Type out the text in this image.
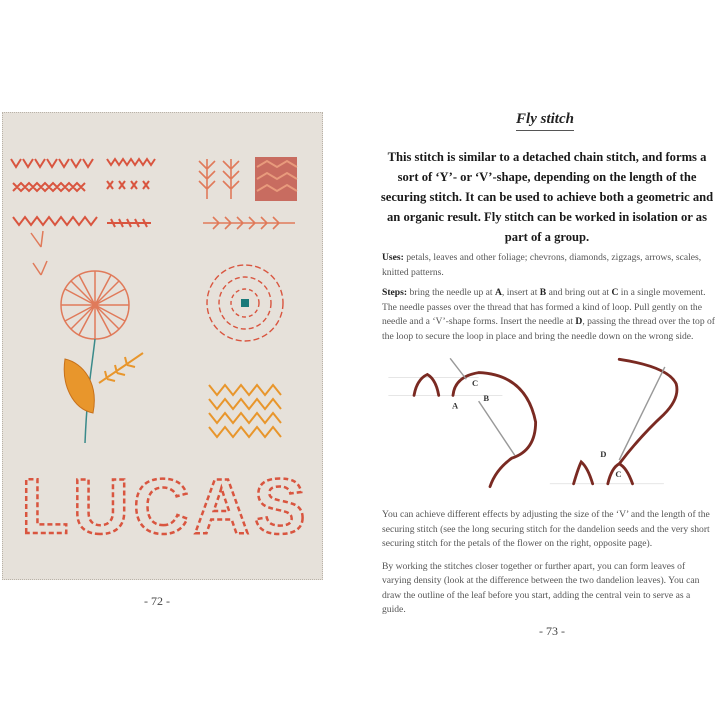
LUCAS
- 72 -
Fly stitch
This stitch is similar to a detached chain stitch, and forms a sort of ‘Y’- or ‘V’-shape, depending on the length of the securing stitch. It can be used to achieve both a geometric and an organic result. Fly stitch can be worked in isolation or as part of a group.
Uses: petals, leaves and other foliage; chevrons, diamonds, zigzags, arrows, scales, knitted patterns.
Steps: bring the needle up at A, insert at B and bring out at C in a single movement. The needle passes over the thread that has formed a kind of loop. Pull gently on the needle and a ‘V’-shape forms. Insert the needle at D, passing the thread over the top of the loop to secure the loop in place and bring the needle down on the wrong side.
A
B
C
D
C
You can achieve different effects by adjusting the size of the ‘V’ and the length of the securing stitch (see the long securing stitch for the dandelion seeds and the very short securing stitch for the petals of the flower on the right, opposite page).
By working the stitches closer together or further apart, you can form leaves of varying density (look at the difference between the two dandelion leaves). You can draw the outline of the leaf before you start, adding the central vein to serve as a guide.
- 73 -
